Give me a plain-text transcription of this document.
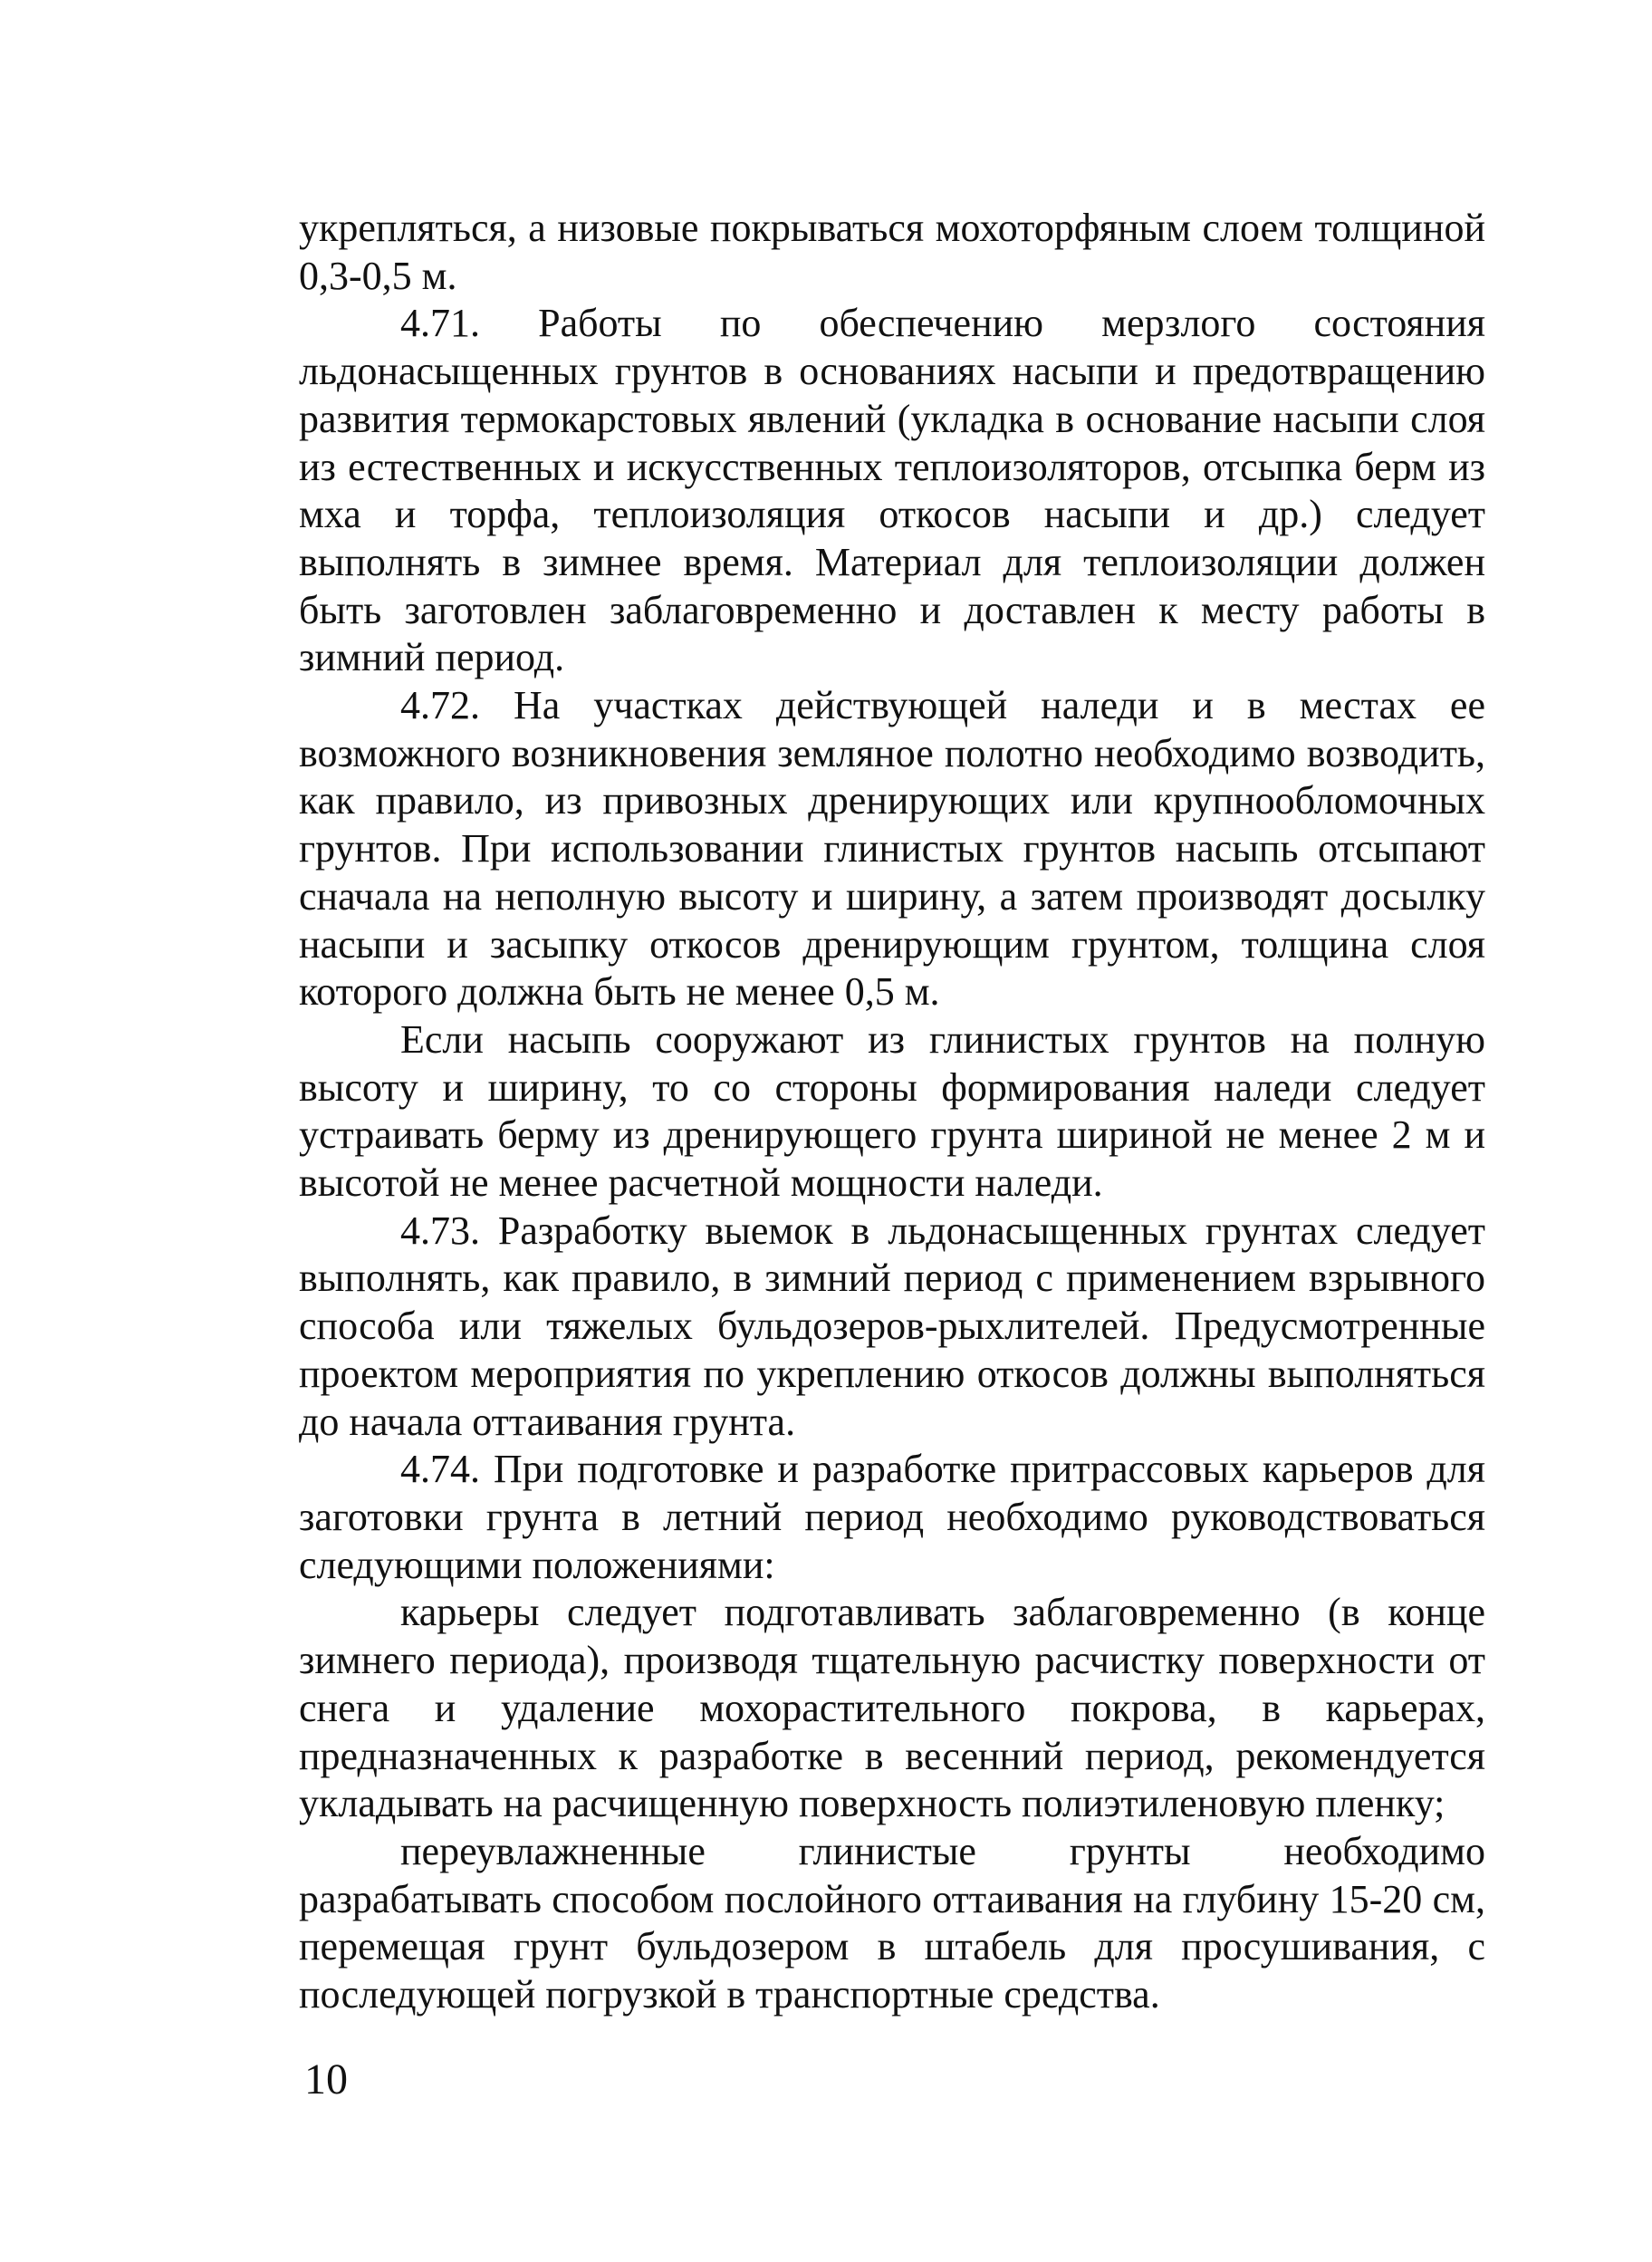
укрепляться, а низовые покрываться мохоторфяным слоем толщиной 0,3-0,5 м.

4.71. Работы по обеспечению мерзлого состояния льдонасыщенных грунтов в основаниях насыпи и предотвращению развития термокарстовых явлений (укладка в основание насыпи слоя из естественных и искусственных теплоизоляторов, отсыпка берм из мха и торфа, теплоизоляция откосов насыпи и др.) следует выполнять в зимнее время. Материал для теплоизоляции должен быть заготовлен заблаговременно и доставлен к месту работы в зимний период.

4.72. На участках действующей наледи и в местах ее возможного возникновения земляное полотно необходимо возводить, как правило, из привозных дренирующих или крупнообломочных грунтов. При использовании глинистых грунтов насыпь отсыпают сначала на неполную высоту и ширину, а затем производят досылку насыпи и засыпку откосов дренирующим грунтом, толщина слоя которого должна быть не менее 0,5 м.

Если насыпь сооружают из глинистых грунтов на полную высоту и ширину, то со стороны формирования наледи следует устраивать берму из дренирующего грунта шириной не менее 2 м и высотой не менее расчетной мощности наледи.

4.73. Разработку выемок в льдонасыщенных грунтах следует выполнять, как правило, в зимний период с применением взрывного способа или тяжелых бульдозеров-рыхлителей. Предусмотренные проектом мероприятия по укреплению откосов должны выполняться до начала оттаивания грунта.

4.74. При подготовке и разработке притрассовых карьеров для заготовки грунта в летний период необходимо руководствоваться следующими положениями:

карьеры следует подготавливать заблаговременно (в конце зимнего периода), производя тщательную расчистку поверхности от снега и удаление мохорастительного покрова, в карьерах, предназначенных к разработке в весенний период, рекомендуется укладывать на расчищенную поверхность полиэтиленовую пленку;

переувлажненные глинистые грунты необходимо разрабатывать способом послойного оттаивания на глубину 15-20 см, перемещая грунт бульдозером в штабель для просушивания, с последующей погрузкой в транспортные средства.

10
